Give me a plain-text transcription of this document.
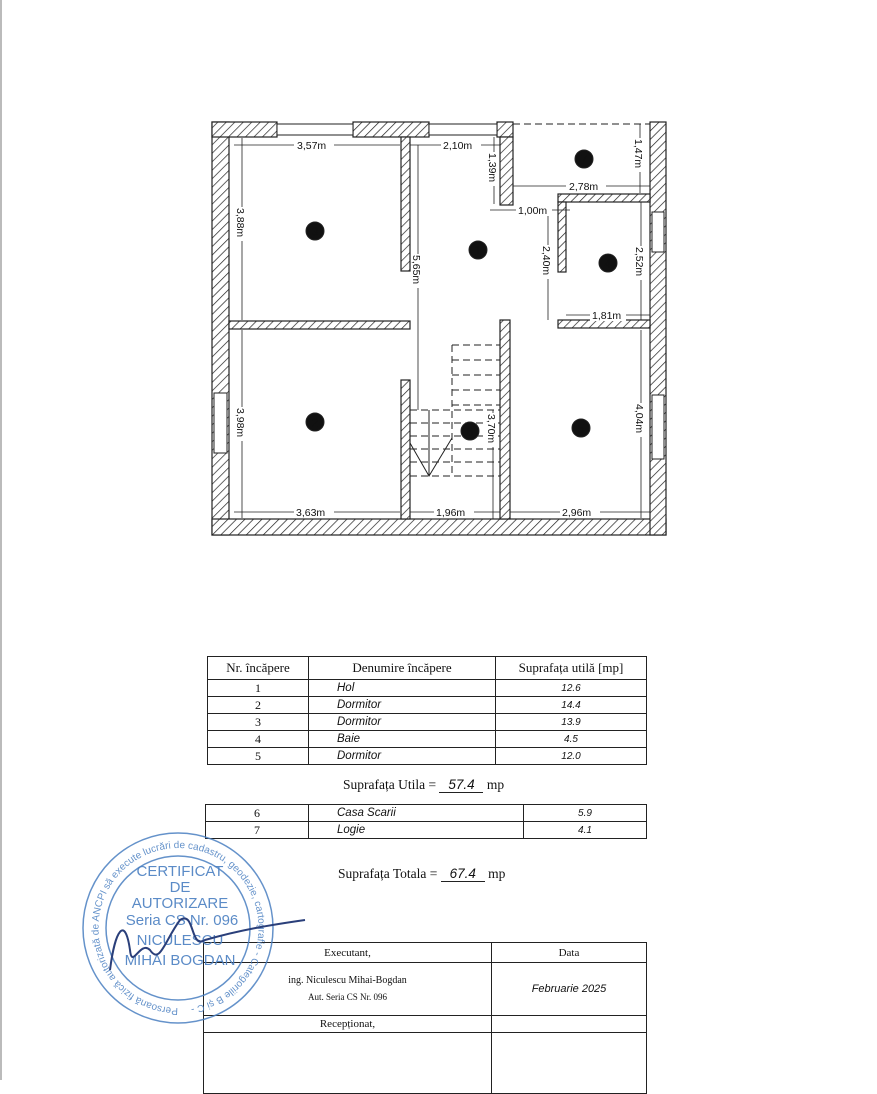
3,57m	2,10m
2,78m
1,00m
1,81m
3,63m	1,96m	2,96m
3,88m
3,98m
5,65m
1,39m	1,47m
2,40m	2,52m
3,70m	4,04m
1
2
3
4
5
6
7
Nr. încăpere	Denumire încăpere	Suprafața utilă [mp]
1	Hol	12.6
2	Dormitor	14.4
3	Dormitor	13.9
4	Baie	4.5
5	Dormitor	12.0
Suprafața Utila = 57.4 mp
6	Casa Scarii	5.9
7	Logie	4.1
Suprafața Totala = 67.4 mp
Executant,	Data

ing. Niculescu Mihai-Bogdan
Aut. Seria CS Nr. 096	Februarie 2025
Recepționat,	

Persoană fizică autorizată de ANCPI să execute lucrări de cadastru, geodezie, cartografie - Categoriile B și C -
CERTIFICAT
DE
AUTORIZARE
Seria CS Nr. 096
NICULESCU
MIHAI BOGDAN
